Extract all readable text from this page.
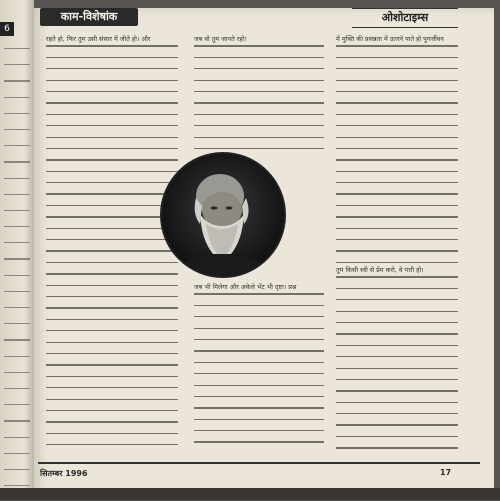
6
काम-विशेषांक	ओशोटाइम्स
रहते हो, फिर तुम उसी संसार में जीते हो। और	जब वो तुम जानते रहो!	में मुक्ति की प्रसन्नता में उतरने पाते हो पुनर्जीवन
जब भी मिलेगा और अकेले भेंट भी दृष्टा। प्रश्न
तुम किसी स्त्री से प्रेम करो, वे पत्ती हो।
सितम्बर 1996	17
